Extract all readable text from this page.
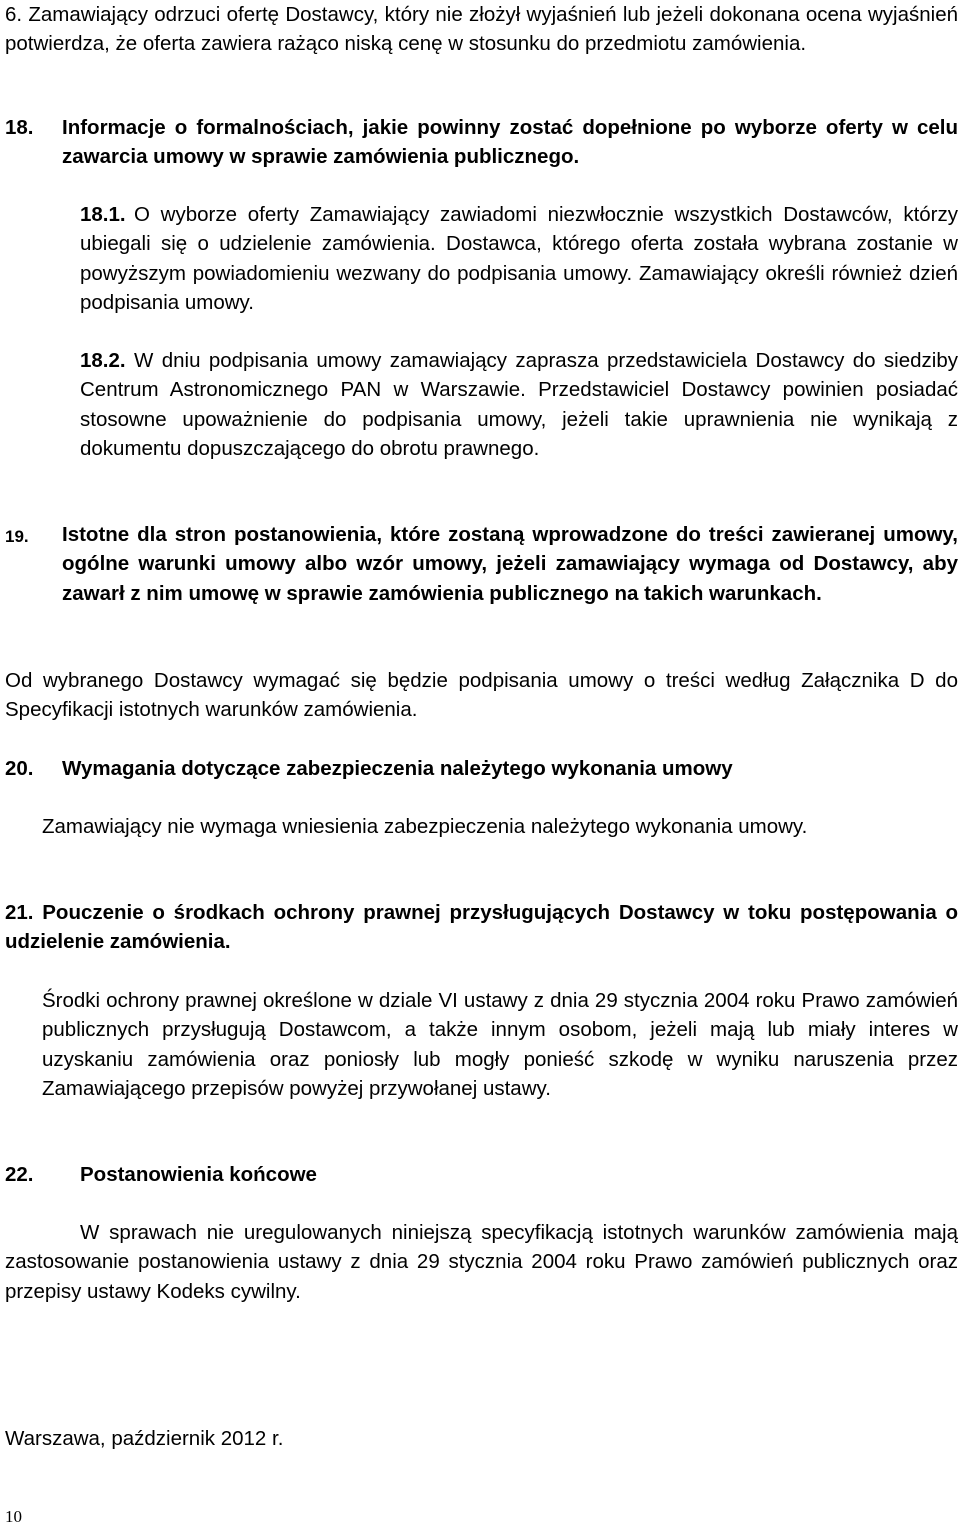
6. Zamawiający odrzuci ofertę Dostawcy, który nie złożył wyjaśnień lub jeżeli dokonana ocena wyjaśnień potwierdza, że oferta zawiera rażąco niską cenę w stosunku do przedmiotu zamówienia.
18. Informacje o formalnościach, jakie powinny zostać dopełnione po wyborze oferty w celu zawarcia umowy w sprawie zamówienia publicznego.
18.1. O wyborze oferty Zamawiający zawiadomi niezwłocznie wszystkich Dostawców, którzy ubiegali się o udzielenie zamówienia. Dostawca, którego oferta została wybrana zostanie w powyższym powiadomieniu wezwany do podpisania umowy. Zamawiający określi również dzień podpisania umowy.
18.2. W dniu podpisania umowy zamawiający zaprasza przedstawiciela Dostawcy do siedziby Centrum Astronomicznego PAN w Warszawie. Przedstawiciel Dostawcy powinien posiadać stosowne upoważnienie do podpisania umowy, jeżeli takie uprawnienia nie wynikają z dokumentu dopuszczającego do obrotu prawnego.
19. Istotne dla stron postanowienia, które zostaną wprowadzone do treści zawieranej umowy, ogólne warunki umowy albo wzór umowy, jeżeli zamawiający wymaga od Dostawcy, aby zawarł z nim umowę w sprawie zamówienia publicznego na takich warunkach.
Od wybranego Dostawcy wymagać się będzie podpisania umowy o treści według Załącznika D do Specyfikacji istotnych warunków zamówienia.
20. Wymagania dotyczące zabezpieczenia należytego wykonania umowy
Zamawiający nie wymaga wniesienia zabezpieczenia należytego wykonania umowy.
21. Pouczenie o środkach ochrony prawnej przysługujących Dostawcy w toku postępowania o udzielenie zamówienia.
Środki ochrony prawnej określone w dziale VI ustawy z dnia 29 stycznia 2004 roku Prawo zamówień publicznych przysługują Dostawcom, a także innym osobom, jeżeli mają lub miały interes w uzyskaniu zamówienia oraz poniosły lub mogły ponieść szkodę w wyniku naruszenia przez Zamawiającego przepisów powyżej przywołanej ustawy.
22. Postanowienia końcowe
W sprawach nie uregulowanych niniejszą specyfikacją istotnych warunków zamówienia mają zastosowanie postanowienia ustawy z dnia 29 stycznia 2004 roku Prawo zamówień publicznych oraz przepisy ustawy Kodeks cywilny.
Warszawa, październik 2012 r.
10
